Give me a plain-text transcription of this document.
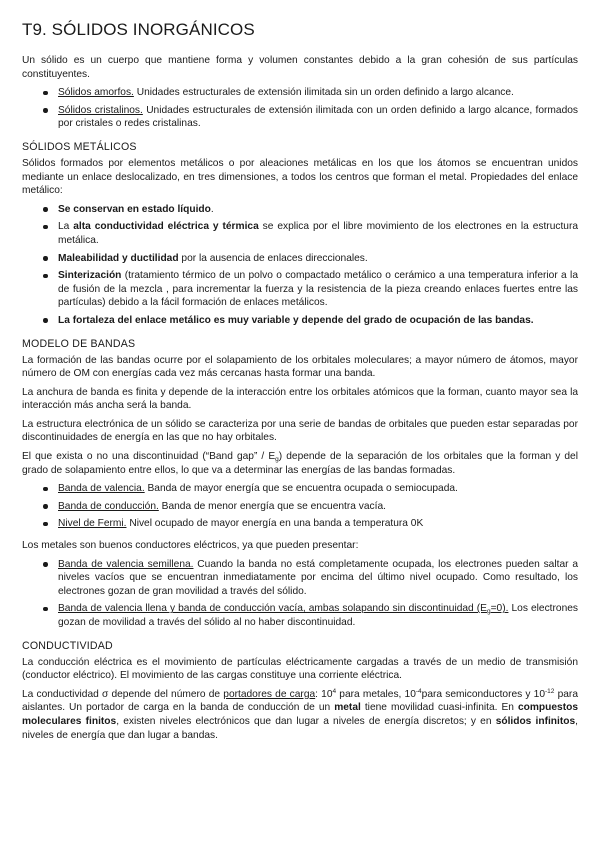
T9. SÓLIDOS INORGÁNICOS

Un sólido es un cuerpo que mantiene forma y volumen constantes debido a la gran cohesión de sus partículas constituyentes.

Sólidos amorfos. Unidades estructurales de extensión ilimitada sin un orden definido a largo alcance.
Sólidos cristalinos. Unidades estructurales de extensión ilimitada con un orden definido a largo alcance, formados por cristales o redes cristalinas.
SÓLIDOS METÁLICOS

Sólidos formados por elementos metálicos o por aleaciones metálicas en los que los átomos se encuentran unidos mediante un enlace deslocalizado, en tres dimensiones, a todos los centros que forman el metal. Propiedades del enlace metálico:

Se conservan en estado líquido.
La alta conductividad eléctrica y térmica se explica por el libre movimiento de los electrones en la estructura metálica.
Maleabilidad y ductilidad por la ausencia de enlaces direccionales.
Sinterización (tratamiento térmico de un polvo o compactado metálico o cerámico a una temperatura inferior a la de fusión de la mezcla , para incrementar la fuerza y la resistencia de la pieza creando enlaces fuertes entre las partículas) debido a la fácil formación de enlaces metálicos.
La fortaleza del enlace metálico es muy variable y depende del grado de ocupación de las bandas.
MODELO DE BANDAS

La formación de las bandas ocurre por el solapamiento de los orbitales moleculares; a mayor número de átomos, mayor número de OM con energías cada vez más cercanas hasta formar una banda.

La anchura de banda es finita y depende de la interacción entre los orbitales atómicos que la forman, cuanto mayor sea la interacción más ancha será la banda.

La estructura electrónica de un sólido se caracteriza por una serie de bandas de orbitales que pueden estar separadas por discontinuidades de energía en las que no hay orbitales.

El que exista o no una discontinuidad (“Band gap” / $E_g$) depende de la separación de los orbitales que la forman y del grado de solapamiento entre ellos, lo que va a determinar las energías de las bandas formadas.

Banda de valencia. Banda de mayor energía que se encuentra ocupada o semiocupada.
Banda de conducción. Banda de menor energía que se encuentra vacía.
Nivel de Fermi. Nivel ocupado de mayor energía en una banda a temperatura 0K

Los metales son buenos conductores eléctricos, ya que pueden presentar:

Banda de valencia semillena. Cuando la banda no está completamente ocupada, los electrones pueden saltar a niveles vacíos que se encuentran inmediatamente por encima del último nivel ocupado. Como resultado, los electrones gozan de gran movilidad a través del sólido.
Banda de valencia llena y banda de conducción vacía, ambas solapando sin discontinuidad $(E_g=0)$. Los electrones gozan de movilidad a través del sólido al no haber discontinuidad.
CONDUCTIVIDAD

La conducción eléctrica es el movimiento de partículas eléctricamente cargadas a través de un medio de transmisión (conductor eléctrico). El movimiento de las cargas constituye una corriente eléctrica.

La conductividad σ depende del número de portadores de carga: $10^4$ para metales, $10^{-4}para$ semiconductores y $10^{-12}$ para aislantes. Un portador de carga en la banda de conducción de un metal tiene movilidad cuasi-infinita. En compuestos moleculares finitos, existen niveles electrónicos que dan lugar a niveles de energía discretos; y en sólidos infinitos, niveles de energía que dan lugar a bandas.
